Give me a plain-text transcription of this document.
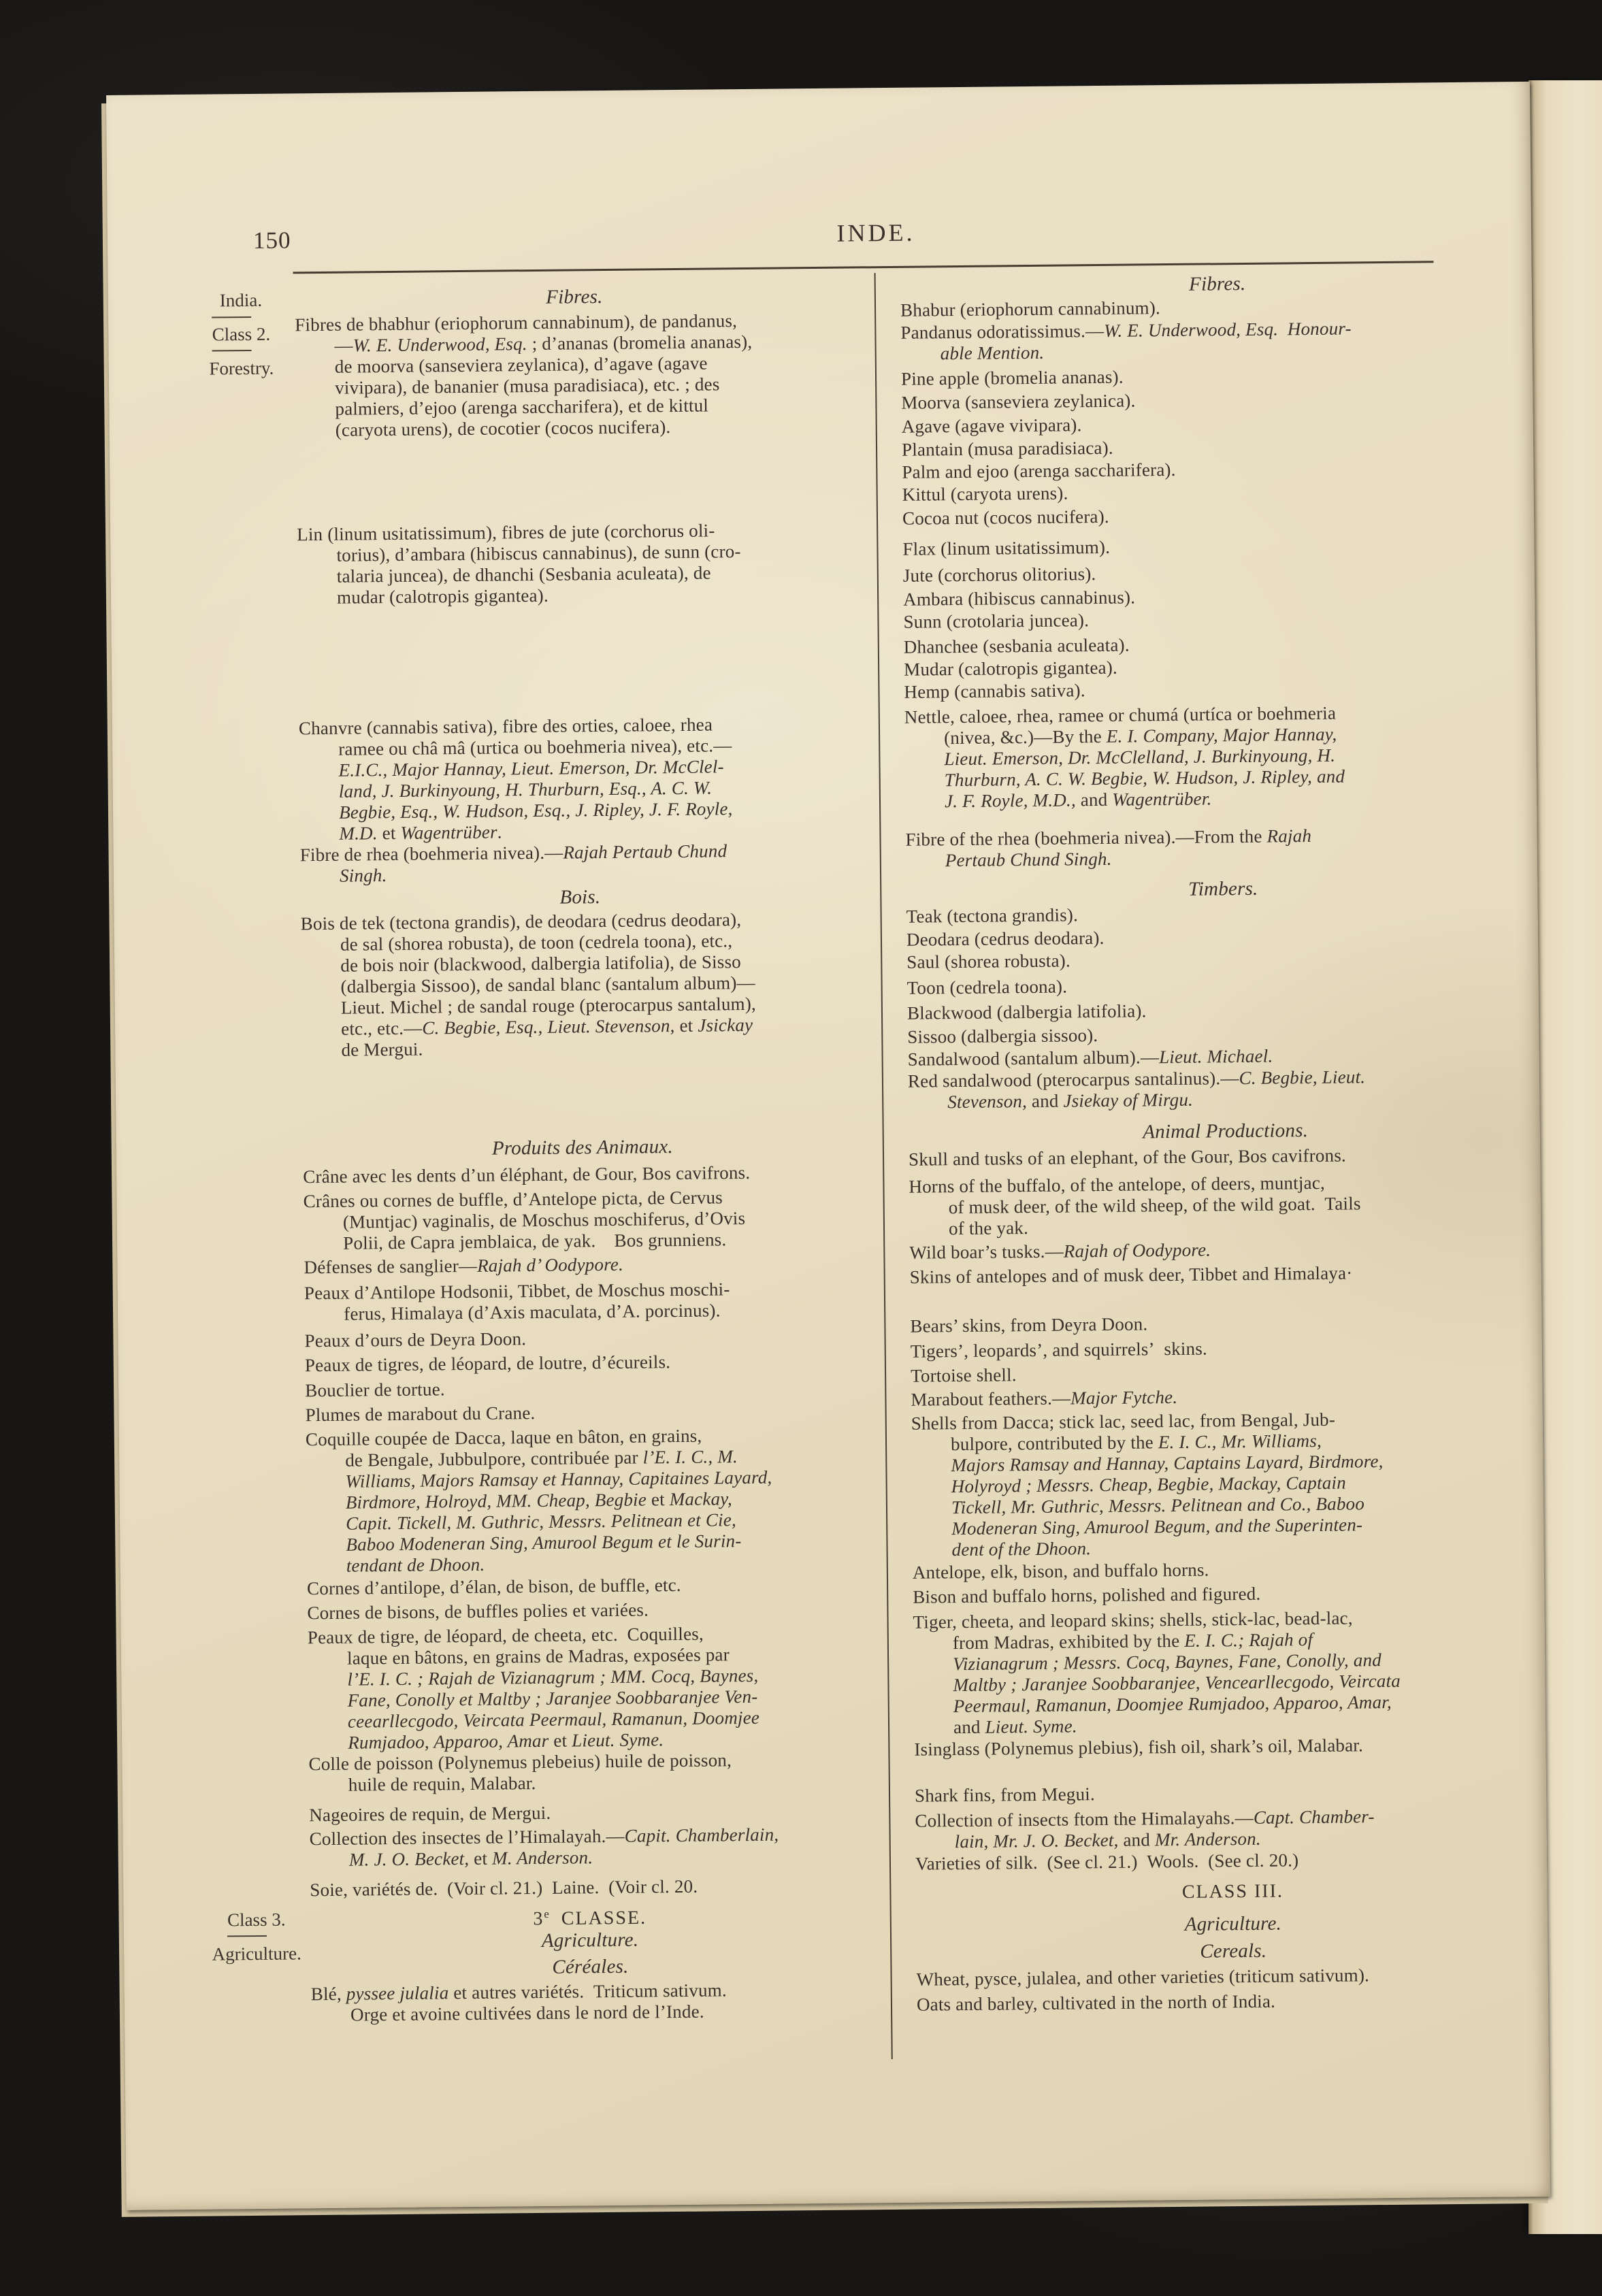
150	INDE.
India.
Class 2.
Forestry.
Class 3.
Agriculture.
Fibres.
Fibres de bhabhur (eriophorum cannabinum), de pandanus,
—W. E. Underwood, Esq. ; d’ananas (bromelia ananas),
de moorva (sanseviera zeylanica), d’agave (agave
vivipara), de bananier (musa paradisiaca), etc. ; des
palmiers, d’ejoo (arenga saccharifera), et de kittul
(caryota urens), de cocotier (cocos nucifera).
Lin (linum usitatissimum), fibres de jute (corchorus oli-
torius), d’ambara (hibiscus cannabinus), de sunn (cro-
talaria juncea), de dhanchi (Sesbania aculeata), de
mudar (calotropis gigantea).
Chanvre (cannabis sativa), fibre des orties, caloee, rhea
ramee ou châ mâ (urtica ou boehmeria nivea), etc.—
E.I.C., Major Hannay, Lieut. Emerson, Dr. McClel-
land, J. Burkinyoung, H. Thurburn, Esq., A. C. W.
Begbie, Esq., W. Hudson, Esq., J. Ripley, J. F. Royle,
M.D. et Wagentrüber.
Fibre de rhea (boehmeria nivea).—Rajah Pertaub Chund
Singh.
Bois.
Bois de tek (tectona grandis), de deodara (cedrus deodara),
de sal (shorea robusta), de toon (cedrela toona), etc.,
de bois noir (blackwood, dalbergia latifolia), de Sisso
(dalbergia Sissoo), de sandal blanc (santalum album)—
Lieut. Michel ; de sandal rouge (pterocarpus santalum),
etc., etc.—C. Begbie, Esq., Lieut. Stevenson, et Jsickay
de Mergui.
Produits des Animaux.
Crâne avec les dents d’un éléphant, de Gour, Bos cavifrons.
Crânes ou cornes de buffle, d’Antelope picta, de Cervus
(Muntjac) vaginalis, de Moschus moschiferus, d’Ovis
Polii, de Capra jemblaica, de yak. Bos grunniens.
Défenses de sanglier—Rajah d’ Oodypore.
Peaux d’Antilope Hodsonii, Tibbet, de Moschus moschi-
ferus, Himalaya (d’Axis maculata, d’A. porcinus).
Peaux d’ours de Deyra Doon.
Peaux de tigres, de léopard, de loutre, d’écureils.
Bouclier de tortue.
Plumes de marabout du Crane.
Coquille coupée de Dacca, laque en bâton, en grains,
de Bengale, Jubbulpore, contribuée par l’E. I. C., M.
Williams, Majors Ramsay et Hannay, Capitaines Layard,
Birdmore, Holroyd, MM. Cheap, Begbie et Mackay,
Capit. Tickell, M. Guthric, Messrs. Pelitnean et Cie,
Baboo Modeneran Sing, Amurool Begum et le Surin-
tendant de Dhoon.
Cornes d’antilope, d’élan, de bison, de buffle, etc.
Cornes de bisons, de buffles polies et variées.
Peaux de tigre, de léopard, de cheeta, etc. Coquilles,
laque en bâtons, en grains de Madras, exposées par
l’E. I. C. ; Rajah de Vizianagrum ; MM. Cocq, Baynes,
Fane, Conolly et Maltby ; Jaranjee Soobbaranjee Ven-
ceearllecgodo, Veircata Peermaul, Ramanun, Doomjee
Rumjadoo, Apparoo, Amar et Lieut. Syme.
Colle de poisson (Polynemus plebeius) huile de poisson,
huile de requin, Malabar.
Nageoires de requin, de Mergui.
Collection des insectes de l’Himalayah.—Capit. Chamberlain,
M. J. O. Becket, et M. Anderson.
Soie, variétés de. (Voir cl. 21.) Laine. (Voir cl. 20.
3e CLASSE.
Agriculture.
Céréales.
Blé, pyssee julalia et autres variétés. Triticum sativum.
Orge et avoine cultivées dans le nord de l’Inde.
Fibres.
Bhabur (eriophorum cannabinum).
Pandanus odoratissimus.—W. E. Underwood, Esq. Honour-
able Mention.
Pine apple (bromelia ananas).
Moorva (sanseviera zeylanica).
Agave (agave vivipara).
Plantain (musa paradisiaca).
Palm and ejoo (arenga saccharifera).
Kittul (caryota urens).
Cocoa nut (cocos nucifera).
Flax (linum usitatissimum).
Jute (corchorus olitorius).
Ambara (hibiscus cannabinus).
Sunn (crotolaria juncea).
Dhanchee (sesbania aculeata).
Mudar (calotropis gigantea).
Hemp (cannabis sativa).
Nettle, caloee, rhea, ramee or chumá (urtíca or boehmeria
(nivea, &c.)—By the E. I. Company, Major Hannay,
Lieut. Emerson, Dr. McClelland, J. Burkinyoung, H.
Thurburn, A. C. W. Begbie, W. Hudson, J. Ripley, and
J. F. Royle, M.D., and Wagentrüber.
Fibre of the rhea (boehmeria nivea).—From the Rajah
Pertaub Chund Singh.
Timbers.
Teak (tectona grandis).
Deodara (cedrus deodara).
Saul (shorea robusta).
Toon (cedrela toona).
Blackwood (dalbergia latifolia).
Sissoo (dalbergia sissoo).
Sandalwood (santalum album).—Lieut. Michael.
Red sandalwood (pterocarpus santalinus).—C. Begbie, Lieut.
Stevenson, and Jsiekay of Mirgu.
Animal Productions.
Skull and tusks of an elephant, of the Gour, Bos cavifrons.
Horns of the buffalo, of the antelope, of deers, muntjac,
of musk deer, of the wild sheep, of the wild goat. Tails
of the yak.
Wild boar’s tusks.—Rajah of Oodypore.
Skins of antelopes and of musk deer, Tibbet and Himalaya·
Bears’ skins, from Deyra Doon.
Tigers’, leopards’, and squirrels’ skins.
Tortoise shell.
Marabout feathers.—Major Fytche.
Shells from Dacca; stick lac, seed lac, from Bengal, Jub-
bulpore, contributed by the E. I. C., Mr. Williams,
Majors Ramsay and Hannay, Captains Layard, Birdmore,
Holyroyd ; Messrs. Cheap, Begbie, Mackay, Captain
Tickell, Mr. Guthric, Messrs. Pelitnean and Co., Baboo
Modeneran Sing, Amurool Begum, and the Superinten-
dent of the Dhoon.
Antelope, elk, bison, and buffalo horns.
Bison and buffalo horns, polished and figured.
Tiger, cheeta, and leopard skins; shells, stick-lac, bead-lac,
from Madras, exhibited by the E. I. C.; Rajah of
Vizianagrum ; Messrs. Cocq, Baynes, Fane, Conolly, and
Maltby ; Jaranjee Soobbaranjee, Vencearllecgodo, Veircata
Peermaul, Ramanun, Doomjee Rumjadoo, Apparoo, Amar,
and Lieut. Syme.
Isinglass (Polynemus plebius), fish oil, shark’s oil, Malabar.
Shark fins, from Megui.
Collection of insects ftom the Himalayahs.—Capt. Chamber-
lain, Mr. J. O. Becket, and Mr. Anderson.
Varieties of silk. (See cl. 21.) Wools. (See cl. 20.)
CLASS III.
Agriculture.
Cereals.
Wheat, pysce, julalea, and other varieties (triticum sativum).
Oats and barley, cultivated in the north of India.
